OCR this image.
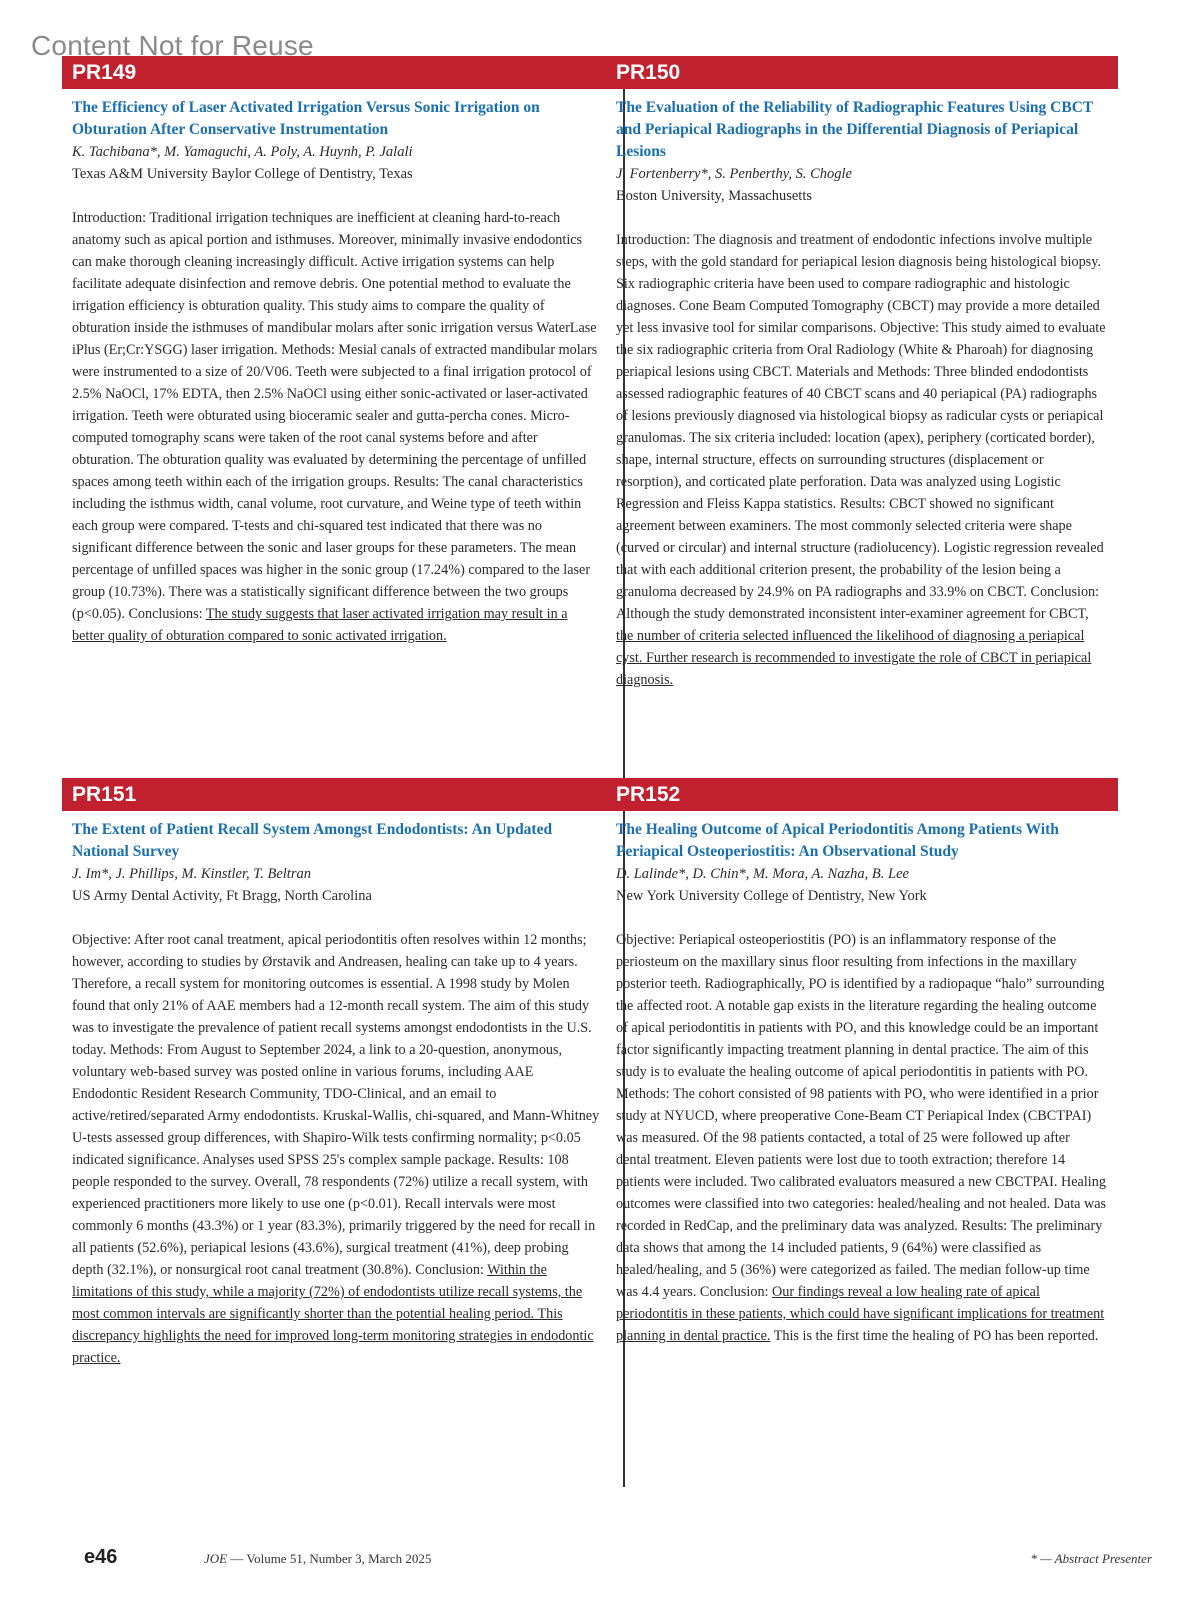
Content Not for Reuse
PR149	PR150
PR151	PR152

The Efficiency of Laser Activated Irrigation Versus Sonic Irrigation on Obturation After Conservative Instrumentation

K. Tachibana*, M. Yamaguchi, A. Poly, A. Huynh, P. Jalali

Texas A&M University Baylor College of Dentistry, Texas

Introduction: Traditional irrigation techniques are inefficient at cleaning hard-to-reach anatomy such as apical portion and isthmuses. Moreover, minimally invasive endodontics can make thorough cleaning increasingly difficult. Active irrigation systems can help facilitate adequate disinfection and remove debris. One potential method to evaluate the irrigation efficiency is obturation quality. This study aims to compare the quality of obturation inside the isthmuses of mandibular molars after sonic irrigation versus WaterLase iPlus (Er;Cr:YSGG) laser irrigation. Methods: Mesial canals of extracted mandibular molars were instrumented to a size of 20/V06. Teeth were subjected to a final irrigation protocol of 2.5% NaOCl, 17% EDTA, then 2.5% NaOCl using either sonic-activated or laser-activated irrigation. Teeth were obturated using bioceramic sealer and gutta-percha cones. Micro-computed tomography scans were taken of the root canal systems before and after obturation. The obturation quality was evaluated by determining the percentage of unfilled spaces among teeth within each of the irrigation groups. Results: The canal characteristics including the isthmus width, canal volume, root curvature, and Weine type of teeth within each group were compared. T-tests and chi-squared test indicated that there was no significant difference between the sonic and laser groups for these parameters. The mean percentage of unfilled spaces was higher in the sonic group (17.24%) compared to the laser group (10.73%). There was a statistically significant difference between the two groups (p<0.05). Conclusions: The study suggests that laser activated irrigation may result in a better quality of obturation compared to sonic activated irrigation.

The Evaluation of the Reliability of Radiographic Features Using CBCT and Periapical Radiographs in the Differential Diagnosis of Periapical Lesions

J. Fortenberry*, S. Penberthy, S. Chogle

Boston University, Massachusetts

Introduction: The diagnosis and treatment of endodontic infections involve multiple steps, with the gold standard for periapical lesion diagnosis being histological biopsy. Six radiographic criteria have been used to compare radiographic and histologic diagnoses. Cone Beam Computed Tomography (CBCT) may provide a more detailed yet less invasive tool for similar comparisons. Objective: This study aimed to evaluate the six radiographic criteria from Oral Radiology (White & Pharoah) for diagnosing periapical lesions using CBCT. Materials and Methods: Three blinded endodontists assessed radiographic features of 40 CBCT scans and 40 periapical (PA) radiographs of lesions previously diagnosed via histological biopsy as radicular cysts or periapical granulomas. The six criteria included: location (apex), periphery (corticated border), shape, internal structure, effects on surrounding structures (displacement or resorption), and corticated plate perforation. Data was analyzed using Logistic Regression and Fleiss Kappa statistics. Results: CBCT showed no significant agreement between examiners. The most commonly selected criteria were shape (curved or circular) and internal structure (radiolucency). Logistic regression revealed that with each additional criterion present, the probability of the lesion being a granuloma decreased by 24.9% on PA radiographs and 33.9% on CBCT. Conclusion: Although the study demonstrated inconsistent inter-examiner agreement for CBCT, the number of criteria selected influenced the likelihood of diagnosing a periapical cyst. Further research is recommended to investigate the role of CBCT in periapical diagnosis.

The Extent of Patient Recall System Amongst Endodontists: An Updated National Survey

J. Im*, J. Phillips, M. Kinstler, T. Beltran

US Army Dental Activity, Ft Bragg, North Carolina

Objective: After root canal treatment, apical periodontitis often resolves within 12 months; however, according to studies by Ørstavik and Andreasen, healing can take up to 4 years. Therefore, a recall system for monitoring outcomes is essential. A 1998 study by Molen found that only 21% of AAE members had a 12-month recall system. The aim of this study was to investigate the prevalence of patient recall systems amongst endodontists in the U.S. today. Methods: From August to September 2024, a link to a 20-question, anonymous, voluntary web-based survey was posted online in various forums, including AAE Endodontic Resident Research Community, TDO-Clinical, and an email to active/retired/separated Army endodontists. Kruskal-Wallis, chi-squared, and Mann-Whitney U-tests assessed group differences, with Shapiro-Wilk tests confirming normality; p<0.05 indicated significance. Analyses used SPSS 25's complex sample package. Results: 108 people responded to the survey. Overall, 78 respondents (72%) utilize a recall system, with experienced practitioners more likely to use one (p<0.01). Recall intervals were most commonly 6 months (43.3%) or 1 year (83.3%), primarily triggered by the need for recall in all patients (52.6%), periapical lesions (43.6%), surgical treatment (41%), deep probing depth (32.1%), or nonsurgical root canal treatment (30.8%). Conclusion: Within the limitations of this study, while a majority (72%) of endodontists utilize recall systems, the most common intervals are significantly shorter than the potential healing period. This discrepancy highlights the need for improved long-term monitoring strategies in endodontic practice.

The Healing Outcome of Apical Periodontitis Among Patients With Periapical Osteoperiostitis: An Observational Study

D. Lalinde*, D. Chin*, M. Mora, A. Nazha, B. Lee

New York University College of Dentistry, New York

Objective: Periapical osteoperiostitis (PO) is an inflammatory response of the periosteum on the maxillary sinus floor resulting from infections in the maxillary posterior teeth. Radiographically, PO is identified by a radiopaque “halo” surrounding the affected root. A notable gap exists in the literature regarding the healing outcome of apical periodontitis in patients with PO, and this knowledge could be an important factor significantly impacting treatment planning in dental practice. The aim of this study is to evaluate the healing outcome of apical periodontitis in patients with PO. Methods: The cohort consisted of 98 patients with PO, who were identified in a prior study at NYUCD, where preoperative Cone-Beam CT Periapical Index (CBCTPAI) was measured. Of the 98 patients contacted, a total of 25 were followed up after dental treatment. Eleven patients were lost due to tooth extraction; therefore 14 patients were included. Two calibrated evaluators measured a new CBCTPAI. Healing outcomes were classified into two categories: healed/healing and not healed. Data was recorded in RedCap, and the preliminary data was analyzed. Results: The preliminary data shows that among the 14 included patients, 9 (64%) were classified as healed/healing, and 5 (36%) were categorized as failed. The median follow-up time was 4.4 years. Conclusion: Our findings reveal a low healing rate of apical periodontitis in these patients, which could have significant implications for treatment planning in dental practice. This is the first time the healing of PO has been reported.

e46	JOE — Volume 51, Number 3, March 2025	* — Abstract Presenter
